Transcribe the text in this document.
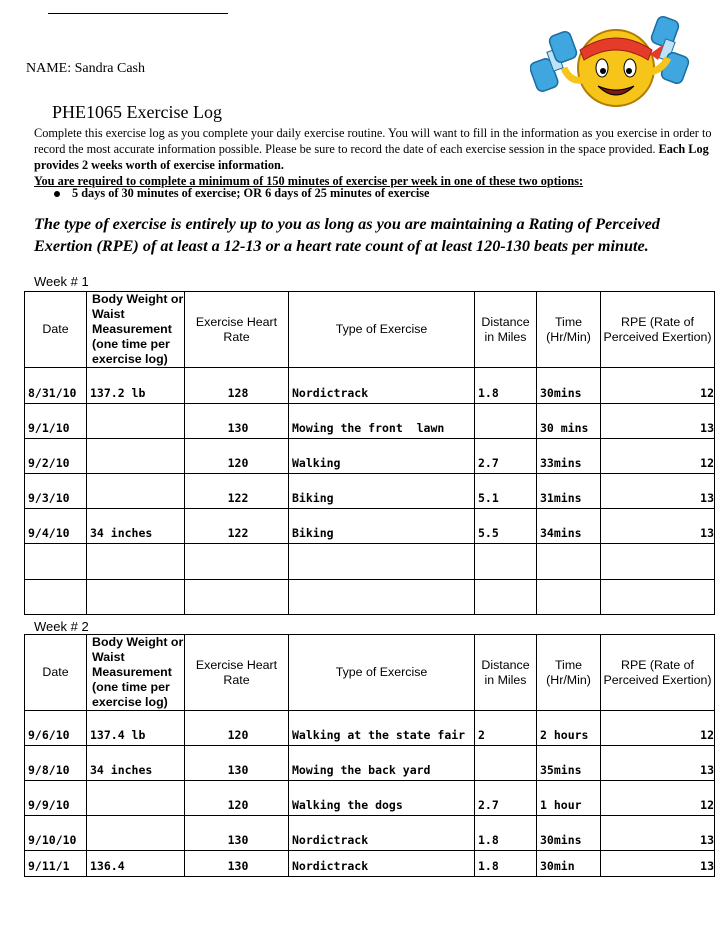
NAME: Sandra Cash
PHE1065 Exercise Log
Complete this exercise log as you complete your daily exercise routine. You will want to fill in the information as you exercise in order to record the most accurate information possible. Please be sure to record the date of each exercise session in the space provided. Each Log provides 2 weeks worth of exercise information.
You are required to complete a minimum of 150 minutes of exercise per week in one of these two options:
5 days of 30 minutes of exercise; OR 6 days of 25 minutes of exercise
The type of exercise is entirely up to you as long as you are maintaining a Rating of Perceived Exertion (RPE) of at least a 12-13 or a heart rate count of at least 120-130 beats per minute.
Week # 1
Date	Body Weight or Waist Measurement (one time per exercise log)	Exercise Heart Rate	Type of Exercise	Distance in Miles	Time (Hr/Min)	RPE (Rate of Perceived Exertion)
8/31/10	137.2 lb	128	Nordictrack	1.8	30mins	12
9/1/10		130	Mowing the front  lawn		30 mins	13
9/2/10		120	Walking	2.7	33mins	12
9/3/10		122	Biking	5.1	31mins	13
9/4/10	34 inches	122	Biking	5.5	34mins	13

Week # 2
Date	Body Weight or Waist Measurement (one time per exercise log)	Exercise Heart Rate	Type of Exercise	Distance in Miles	Time (Hr/Min)	RPE (Rate of Perceived Exertion)
9/6/10	137.4 lb	120	Walking at the state fair	2	2 hours	12
9/8/10	34 inches	130	Mowing the back yard		35mins	13
9/9/10		120	Walking the dogs	2.7	1 hour	12
9/10/10		130	Nordictrack	1.8	30mins	13
9/11/1	136.4	130	Nordictrack	1.8	30min	13
